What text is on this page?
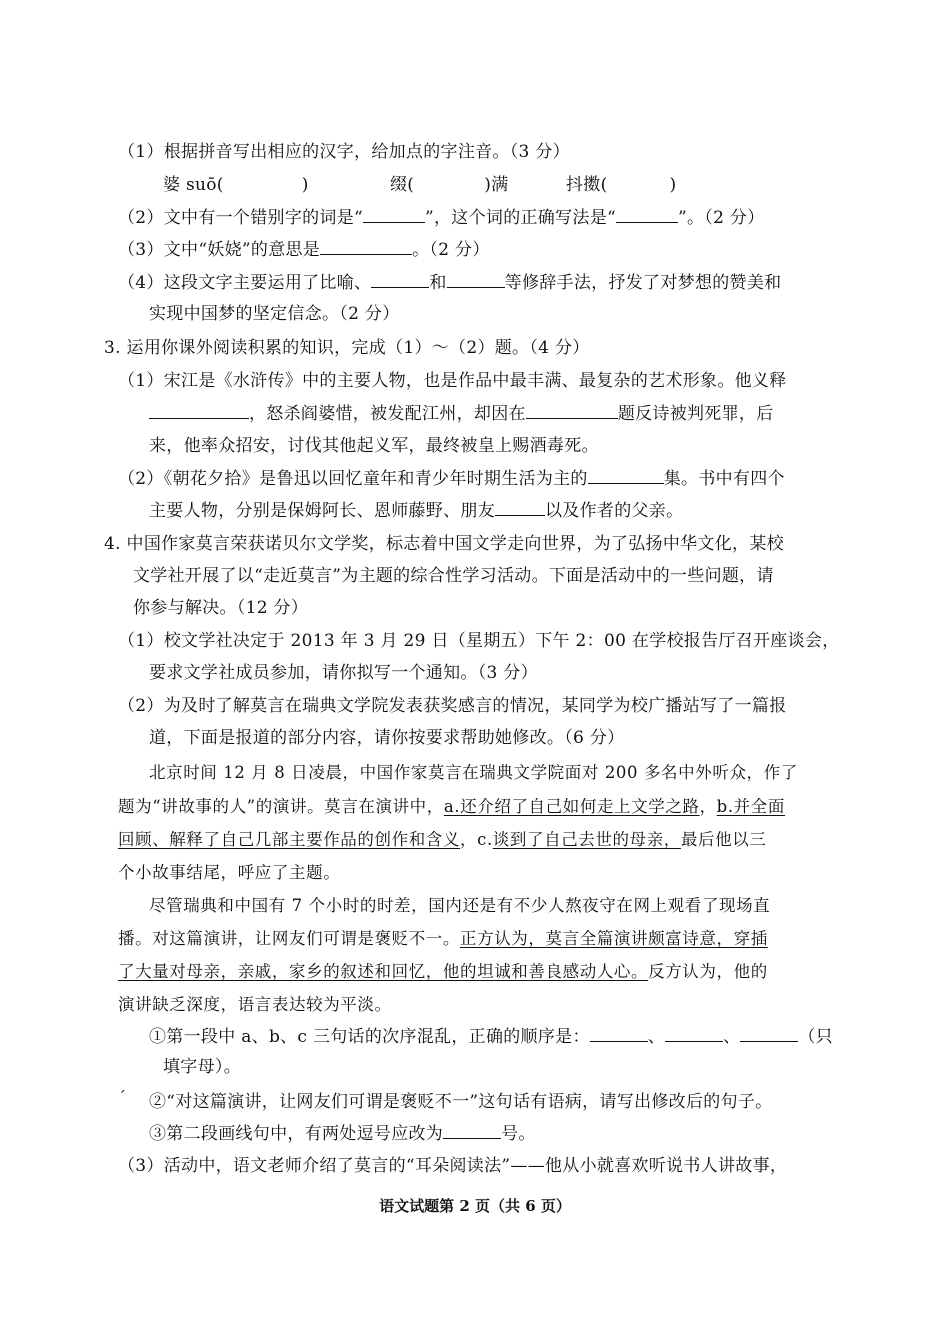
（1）根据拼音写出相应的汉字，给加点的字注音。（3 分）
婆 suō(	)	缀(	)满	抖擞(	)
（2）文中有一个错别字的词是“	”，这个词的正确写法是“	”。（2 分）
（3）文中“妖娆”的意思是	。（2 分）
（4）这段文字主要运用了比喻、	和	等修辞手法，抒发了对梦想的赞美和
实现中国梦的坚定信念。（2 分）
3. 运用你课外阅读积累的知识，完成（1）～（2）题。（4 分）
（1）宋江是《水浒传》中的主要人物，也是作品中最丰满、最复杂的艺术形象。他义释
，怒杀阎婆惜，被发配江州，却因在	题反诗被判死罪，后
来，他率众招安，讨伐其他起义军，最终被皇上赐酒毒死。
（2）《朝花夕拾》是鲁迅以回忆童年和青少年时期生活为主的	集。书中有四个
主要人物，分别是保姆阿长、恩师藤野、朋友	以及作者的父亲。
4. 中国作家莫言荣获诺贝尔文学奖，标志着中国文学走向世界，为了弘扬中华文化，某校
文学社开展了以“走近莫言”为主题的综合性学习活动。下面是活动中的一些问题，请
你参与解决。（12 分）
（1）校文学社决定于 2013 年 3 月 29 日（星期五）下午 2：00 在学校报告厅召开座谈会，
要求文学社成员参加，请你拟写一个通知。（3 分）
（2）为及时了解莫言在瑞典文学院发表获奖感言的情况，某同学为校广播站写了一篇报
道，下面是报道的部分内容，请你按要求帮助她修改。（6 分）
北京时间 12 月 8 日凌晨，中国作家莫言在瑞典文学院面对 200 多名中外听众，作了
题为“讲故事的人”的演讲。莫言在演讲中，a.还介绍了自己如何走上文学之路，b.并全面
回顾、解释了自己几部主要作品的创作和含义，c.谈到了自己去世的母亲，最后他以三
个小故事结尾，呼应了主题。
尽管瑞典和中国有 7 个小时的时差，国内还是有不少人熬夜守在网上观看了现场直
播。对这篇演讲，让网友们可谓是褒贬不一。正方认为，莫言全篇演讲颇富诗意，穿插
了大量对母亲，亲戚，家乡的叙述和回忆，他的坦诚和善良感动人心。反方认为，他的
演讲缺乏深度，语言表达较为平淡。
①第一段中 a、b、c 三句话的次序混乱，正确的顺序是：	、	、	（只
填字母）。
ˊ ②“对这篇演讲，让网友们可谓是褒贬不一”这句话有语病，请写出修改后的句子。
③第二段画线句中，有两处逗号应改为	号。
（3）活动中，语文老师介绍了莫言的“耳朵阅读法”——他从小就喜欢听说书人讲故事，
语文试题第 2 页（共 6 页）
